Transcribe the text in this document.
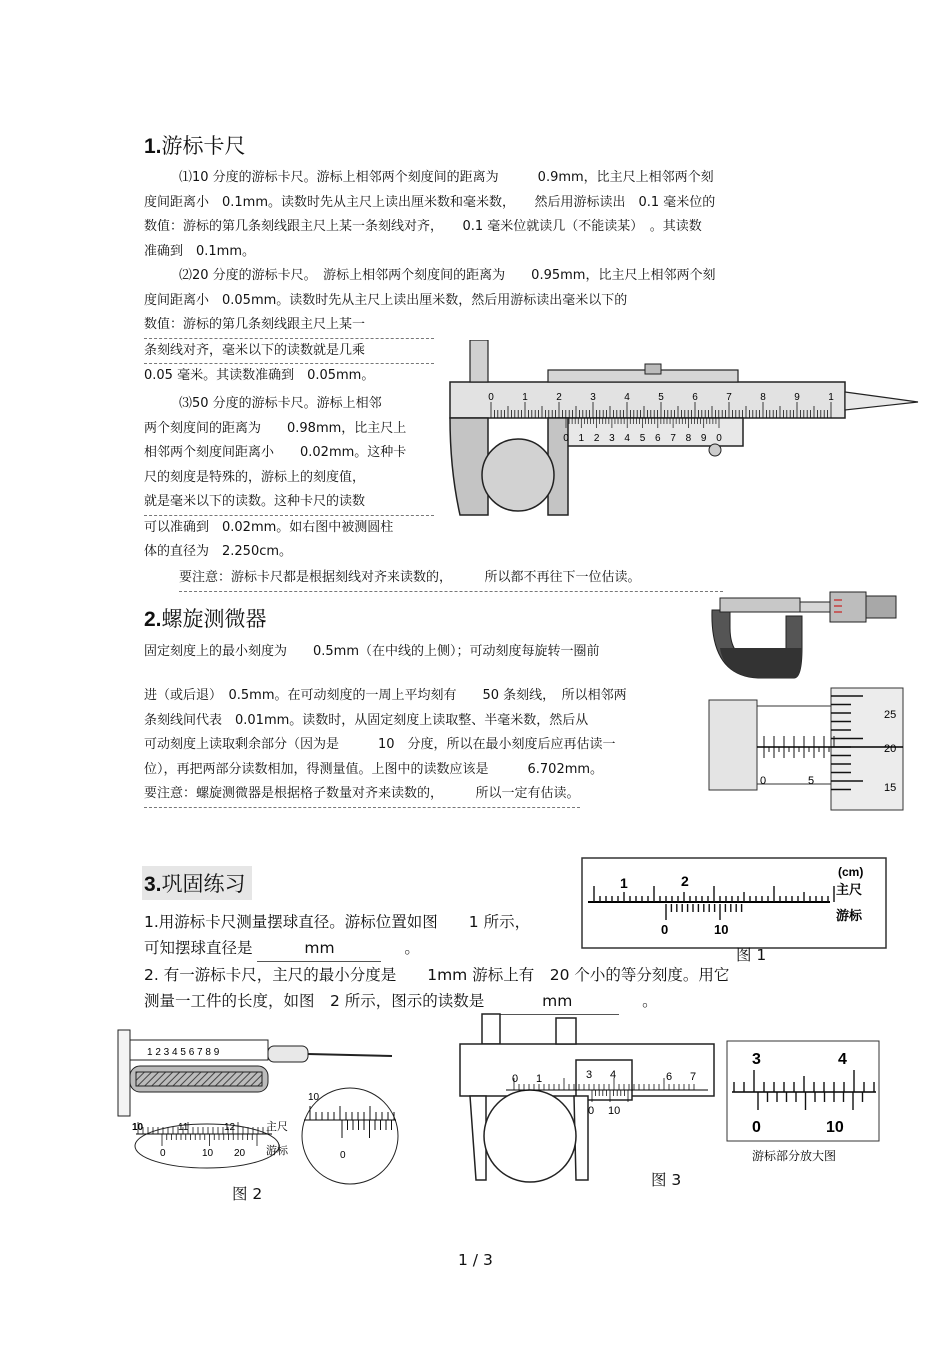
1.游标卡尺
⑴10 分度的游标卡尺。游标上相邻两个刻度间的距离为　　　0.9mm，比主尺上相邻两个刻
度间距离小　0.1mm。读数时先从主尺上读出厘米数和毫米数，　　然后用游标读出　0.1 毫米位的
数值：游标的第几条刻线跟主尺上某一条刻线对齐，　　0.1 毫米位就读几（不能读某）　。其读数
准确到　0.1mm。
⑵20 分度的游标卡尺。　游标上相邻两个刻度间的距离为　　0.95mm，比主尺上相邻两个刻
度间距离小　0.05mm。读数时先从主尺上读出厘米数，然后用游标读出毫米以下的
数值：游标的第几条刻线跟主尺上某一
条刻线对齐，毫米以下的读数就是几乘
0.05 毫米。其读数准确到　0.05mm。
⑶50 分度的游标卡尺。游标上相邻
两个刻度间的距离为　　0.98mm，比主尺上
相邻两个刻度间距离小　　0.02mm。这种卡
尺的刻度是特殊的，游标上的刻度值，
就是毫米以下的读数。这种卡尺的读数
可以准确到　0.02mm。如右图中被测圆柱
体的直径为　2.250cm。
要注意：游标卡尺都是根据刻线对齐来读数的，　　　所以都不再往下一位估读。
0	1	2	3	4	5	6	7	8	9	1
0 1 2 3 4 5 6 7 8 9 0
2.螺旋测微器
固定刻度上的最小刻度为　　0.5mm（在中线的上侧）；可动刻度每旋转一圈前
进（或后退）　0.5mm。在可动刻度的一周上平均刻有　　50 条刻线，　所以相邻两
条刻线间代表　0.01mm。读数时，从固定刻度上读取整、半毫米数，然后从
可动刻度上读取剩余部分（因为是　　　10　分度，所以在最小刻度后应再估读一
位），再把两部分读数相加，得测量值。上图中的读数应该是　　　6.702mm。
要注意：螺旋测微器是根据格子数量对齐来读数的，　　　所以一定有估读。
0	5
25
20
15
3.巩固练习
1.用游标卡尺测量摆球直径。游标位置如图　　1 所示，
可知摆球直径是	mm	。
2. 有一游标卡尺，主尺的最小分度是　　1mm 游标上有　20 个小的等分刻度。用它
测量一工件的长度，如图　2 所示，图示的读数是	mm	。
1	2
0	10
(cm)
主尺
游标
图 1
1 2 3 4 5 6 7 8 9
10	11	12
0	10 20
主尺
游标
10
0
图 2
0 1	3 4	6 7
0 10
图 3
3	4
0	10
游标部分放大图
1 / 3
